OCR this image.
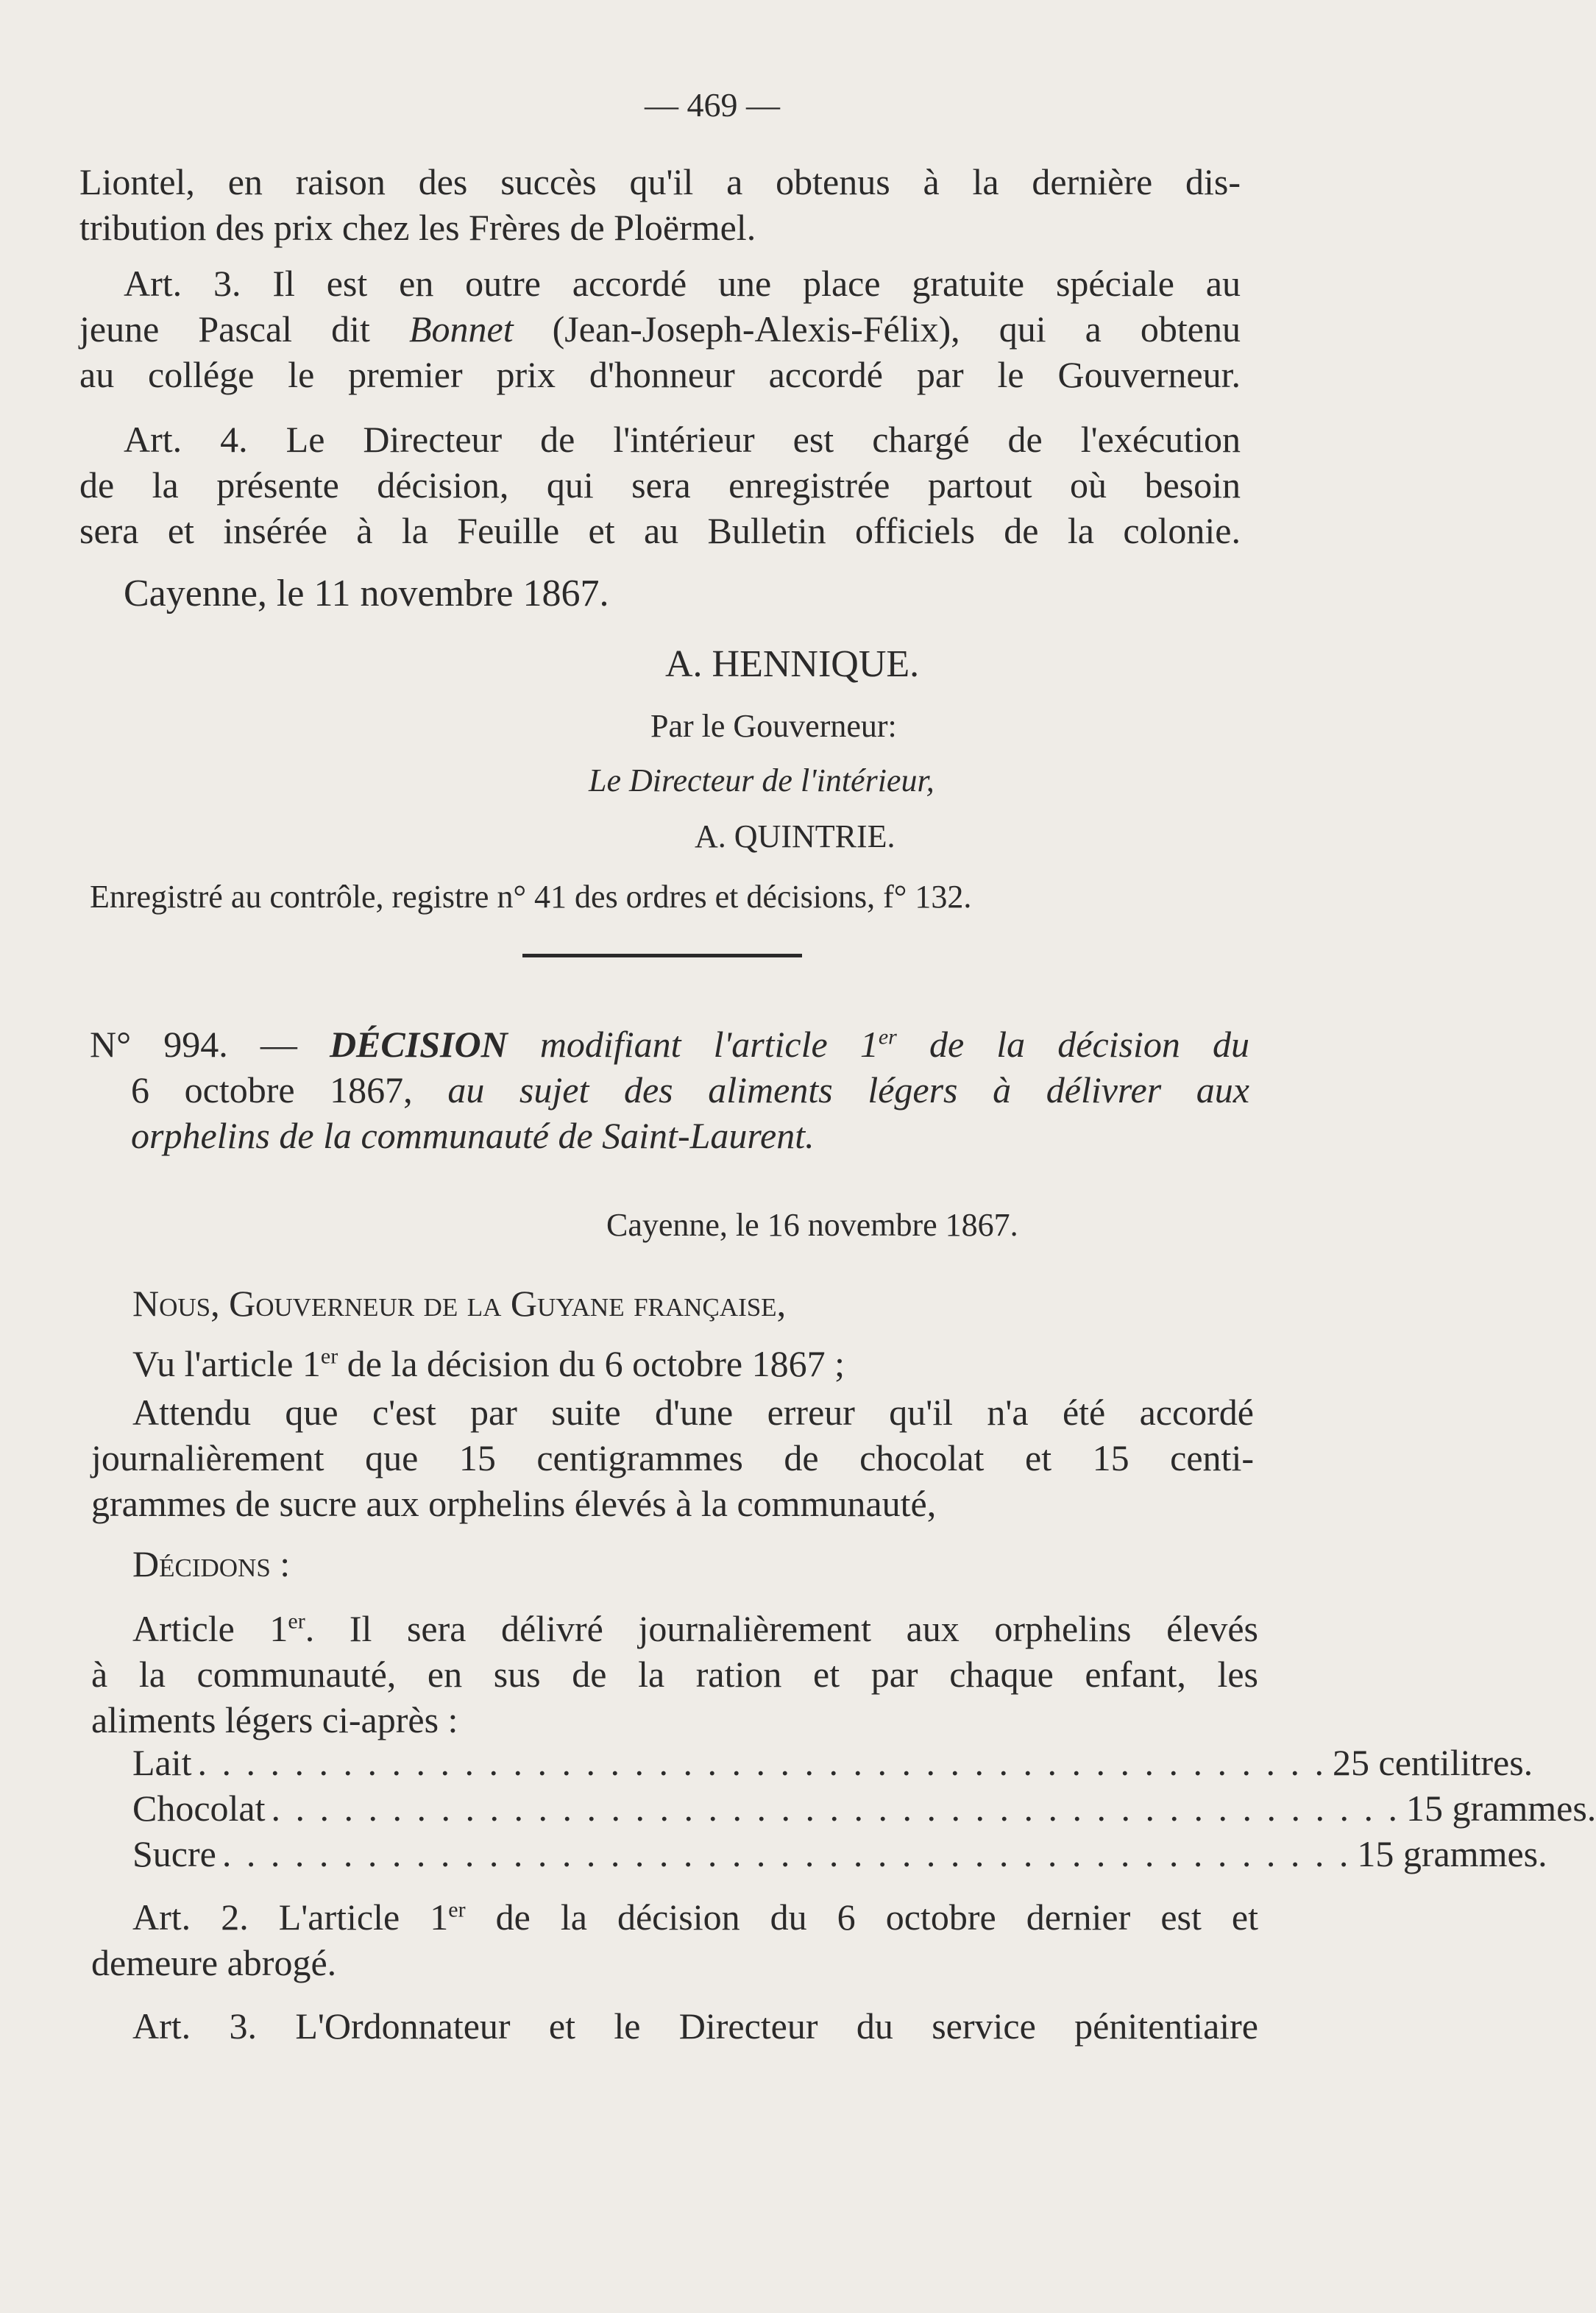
— 469 —
Liontel, en raison des succès qu'il a obtenus à la dernière dis-
tribution des prix chez les Frères de Ploërmel.
Art. 3. Il est en outre accordé une place gratuite spéciale au
jeune Pascal dit Bonnet (Jean-Joseph-Alexis-Félix), qui a obtenu
au collége le premier prix d'honneur accordé par le Gouverneur.
Art. 4. Le Directeur de l'intérieur est chargé de l'exécution
de la présente décision, qui sera enregistrée partout où besoin
sera et insérée à la Feuille et au Bulletin officiels de la colonie.
Cayenne, le 11 novembre 1867.
A. HENNIQUE.
Par le Gouverneur:
Le Directeur de l'intérieur,
A. QUINTRIE.
Enregistré au contrôle, registre n° 41 des ordres et décisions, f° 132.
N° 994. — DÉCISION modifiant l'article 1er de la décision du
6 octobre 1867, au sujet des aliments légers à délivrer aux
orphelins de la communauté de Saint-Laurent.
Cayenne, le 16 novembre 1867.
Nous, Gouverneur de la Guyane française,
Vu l'article 1er de la décision du 6 octobre 1867 ;
Attendu que c'est par suite d'une erreur qu'il n'a été accordé
journalièrement que 15 centigrammes de chocolat et 15 centi-
grammes de sucre aux orphelins élevés à la communauté,
Décidons :
Article 1er. Il sera délivré journalièrement aux orphelins élevés
à la communauté, en sus de la ration et par chaque enfant, les
aliments légers ci-après :
Lait . . . . . . . . . . . . . . . . . . . . . . . . . . . . . . . . . . . . . . . . . . . . . . . 25 centilitres.
Chocolat . . . . . . . . . . . . . . . . . . . . . . . . . . . . . . . . . . . . . . . . . . . . . . . 15 grammes.
Sucre . . . . . . . . . . . . . . . . . . . . . . . . . . . . . . . . . . . . . . . . . . . . . . . 15 grammes.
Art. 2. L'article 1er de la décision du 6 octobre dernier est et
demeure abrogé.
Art. 3. L'Ordonnateur et le Directeur du service pénitentiaire
